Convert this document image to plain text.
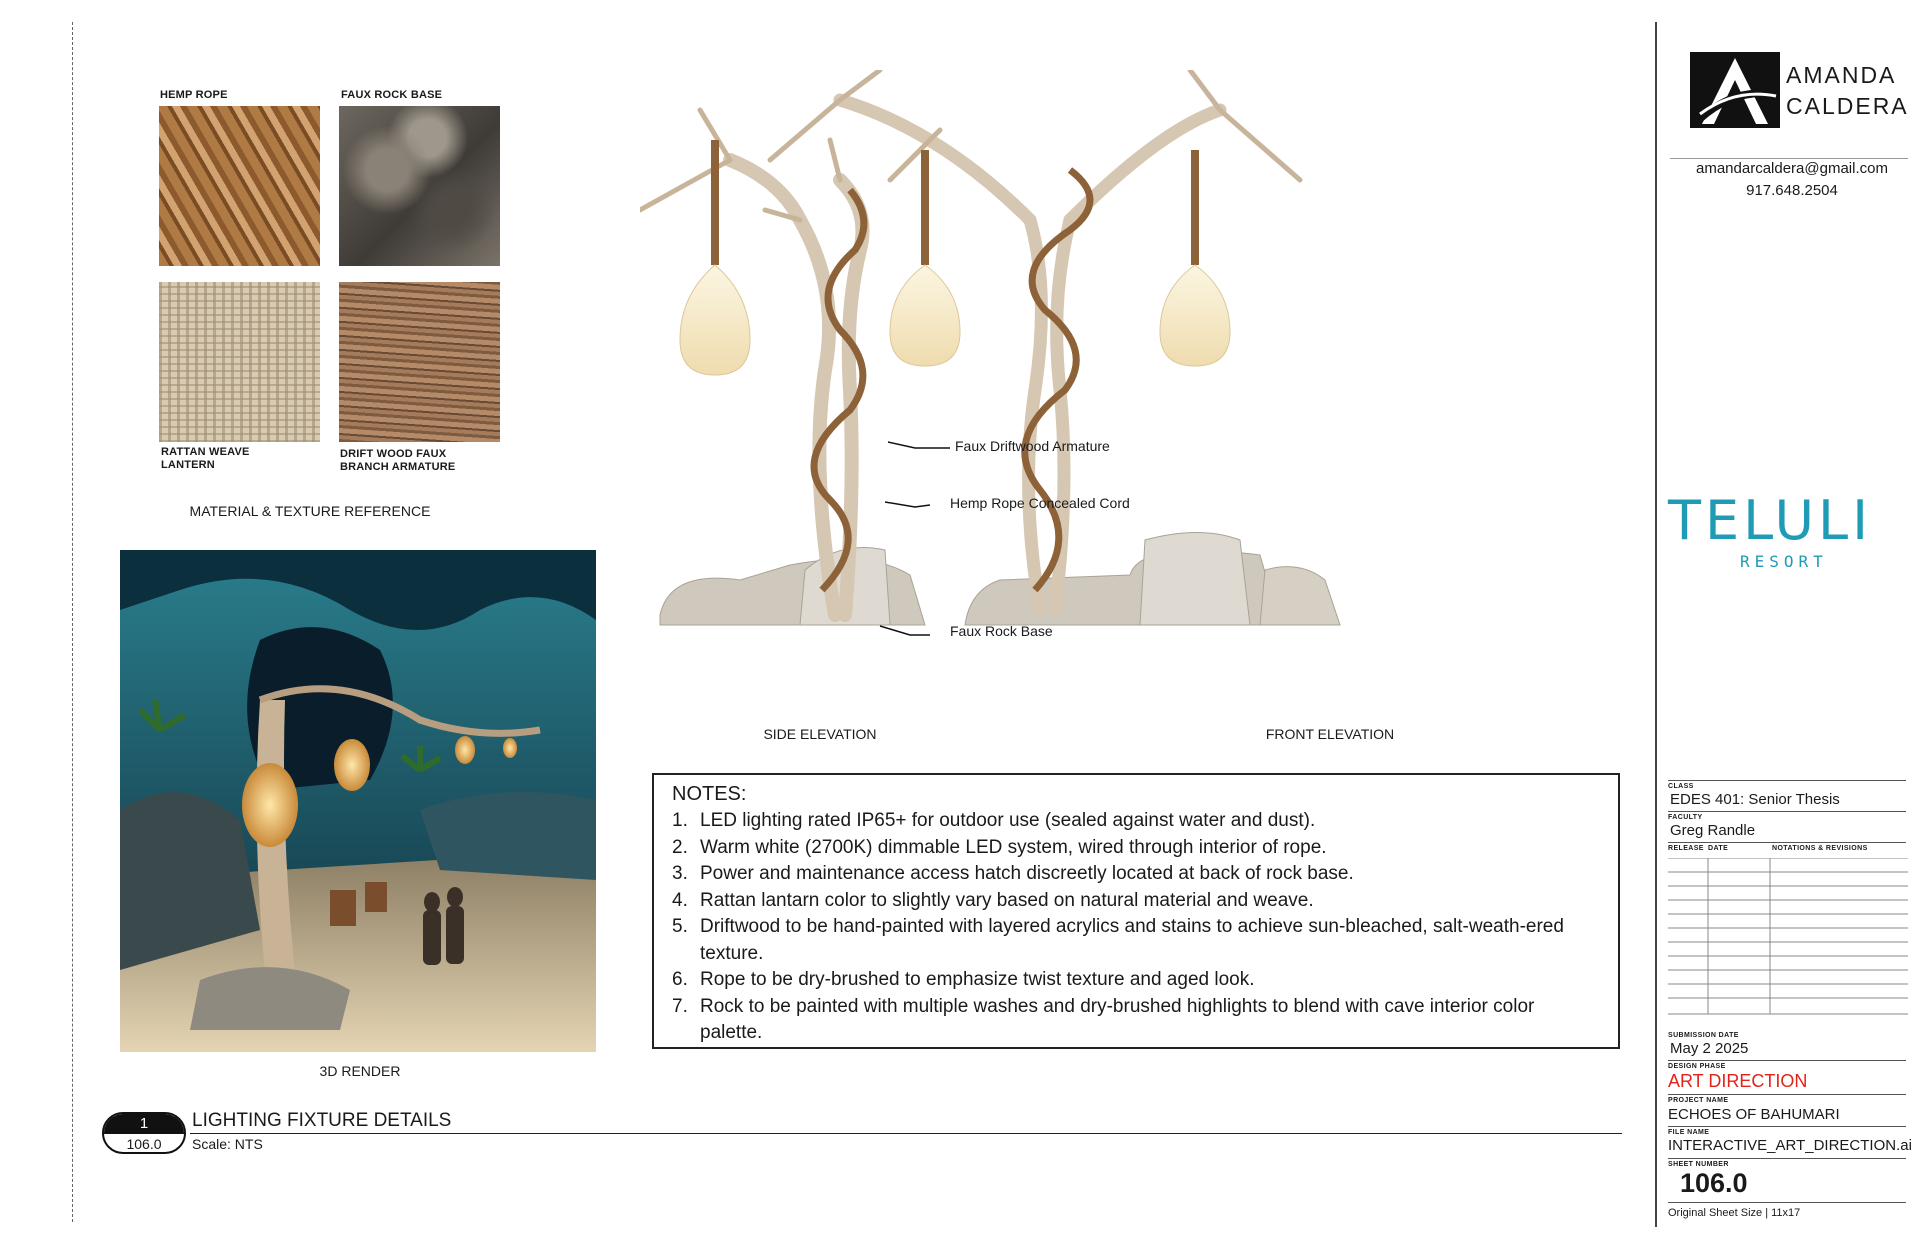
HEMP ROPE	FAUX ROCK BASE
RATTAN WEAVE
LANTERN
DRIFT WOOD FAUX
BRANCH ARMATURE
MATERIAL & TEXTURE REFERENCE
3D RENDER
Faux Driftwood Armature
Hemp Rope Concealed Cord
Faux Rock Base
SIDE ELEVATION	FRONT ELEVATION
NOTES:
1. LED lighting rated IP65+ for outdoor use (sealed against water and dust).
2. Warm white (2700K) dimmable LED system, wired through interior of rope.
3. Power and maintenance access hatch discreetly located at back of rock base.
4. Rattan lantarn color to slightly vary based on natural material and weave.
5. Driftwood to be hand-painted with layered acrylics and stains to achieve sun-bleached, salt-weath-ered texture.
6. Rope to be dry-brushed to emphasize twist texture and aged look.
7. Rock to be painted with multiple washes and dry-brushed highlights to blend with cave interior color palette.
1
106.0
LIGHTING FIXTURE DETAILS
Scale: NTS
AMANDA
CALDERA
amandarcaldera@gmail.com
917.648.2504
TELULI
RESORT
CLASS
EDES 401: Senior Thesis
FACULTY
Greg Randle
RELEASE DATE	NOTATIONS & REVISIONS
SUBMISSION DATE
May 2 2025
DESIGN PHASE
ART DIRECTION
PROJECT NAME
ECHOES OF BAHUMARI
FILE NAME
INTERACTIVE_ART_DIRECTION.ai
SHEET NUMBER
106.0
Original Sheet Size | 11x17
